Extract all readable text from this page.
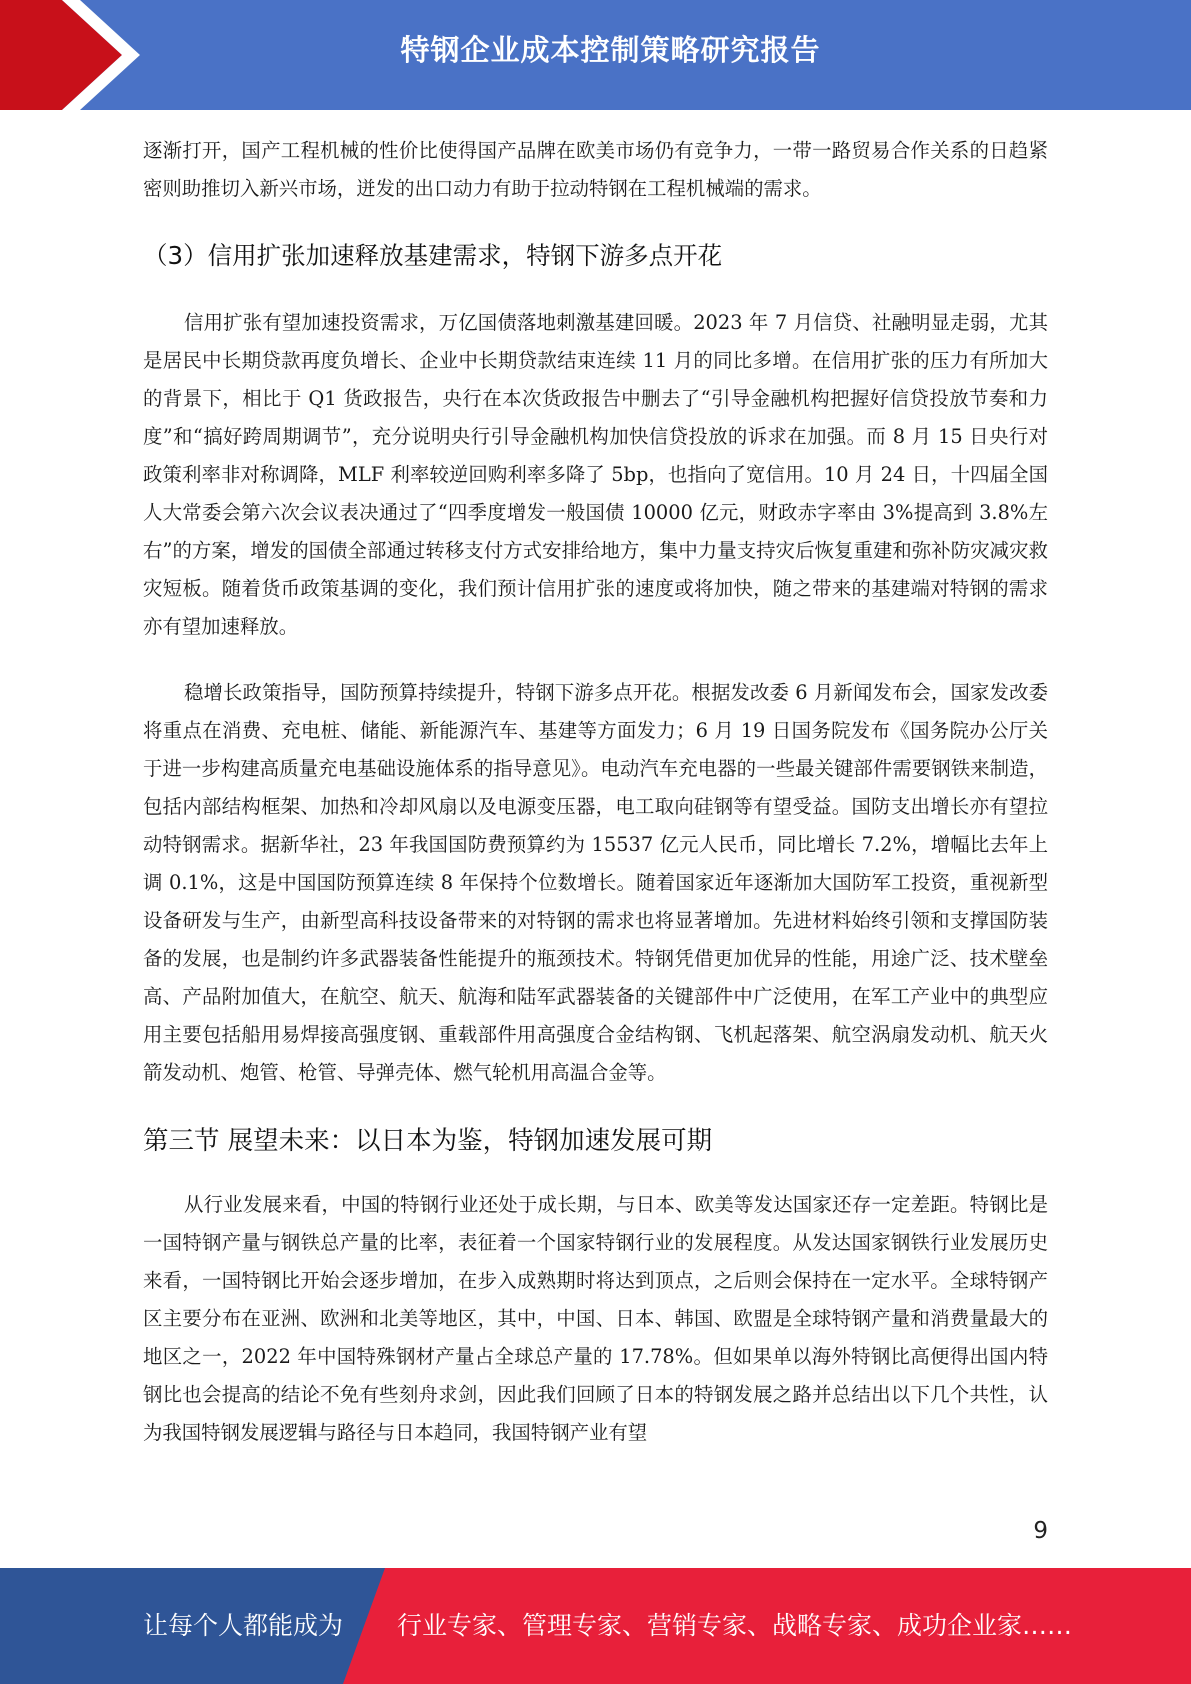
特钢企业成本控制策略研究报告

逐渐打开，国产工程机械的性价比使得国产品牌在欧美市场仍有竞争力，一带一路贸易合作关系的日趋紧密则助推切入新兴市场，迸发的出口动力有助于拉动特钢在工程机械端的需求。

（3）信用扩张加速释放基建需求，特钢下游多点开花

信用扩张有望加速投资需求，万亿国债落地刺激基建回暖。2023 年 7 月信贷、社融明显走弱，尤其是居民中长期贷款再度负增长、企业中长期贷款结束连续 11 月的同比多增。在信用扩张的压力有所加大的背景下，相比于 Q1 货政报告，央行在本次货政报告中删去了“引导金融机构把握好信贷投放节奏和力度”和“搞好跨周期调节”，充分说明央行引导金融机构加快信贷投放的诉求在加强。而 8 月 15 日央行对政策利率非对称调降，MLF 利率较逆回购利率多降了 5bp，也指向了宽信用。10 月 24 日，十四届全国人大常委会第六次会议表决通过了“四季度增发一般国债 10000 亿元，财政赤字率由 3%提高到 3.8%左右”的方案，增发的国债全部通过转移支付方式安排给地方，集中力量支持灾后恢复重建和弥补防灾减灾救灾短板。随着货币政策基调的变化，我们预计信用扩张的速度或将加快，随之带来的基建端对特钢的需求亦有望加速释放。

稳增长政策指导，国防预算持续提升，特钢下游多点开花。根据发改委 6 月新闻发布会，国家发改委将重点在消费、充电桩、储能、新能源汽车、基建等方面发力；6 月 19 日国务院发布《国务院办公厅关于进一步构建高质量充电基础设施体系的指导意见》。电动汽车充电器的一些最关键部件需要钢铁来制造，包括内部结构框架、加热和冷却风扇以及电源变压器，电工取向硅钢等有望受益。国防支出增长亦有望拉动特钢需求。据新华社，23 年我国国防费预算约为 15537 亿元人民币，同比增长 7.2%，增幅比去年上调 0.1%，这是中国国防预算连续 8 年保持个位数增长。随着国家近年逐渐加大国防军工投资，重视新型设备研发与生产，由新型高科技设备带来的对特钢的需求也将显著增加。先进材料始终引领和支撑国防装备的发展，也是制约许多武器装备性能提升的瓶颈技术。特钢凭借更加优异的性能，用途广泛、技术壁垒高、产品附加值大，在航空、航天、航海和陆军武器装备的关键部件中广泛使用，在军工产业中的典型应用主要包括船用易焊接高强度钢、重载部件用高强度合金结构钢、飞机起落架、航空涡扇发动机、航天火箭发动机、炮管、枪管、导弹壳体、燃气轮机用高温合金等。

第三节 展望未来：以日本为鉴，特钢加速发展可期

从行业发展来看，中国的特钢行业还处于成长期，与日本、欧美等发达国家还存一定差距。特钢比是一国特钢产量与钢铁总产量的比率，表征着一个国家特钢行业的发展程度。从发达国家钢铁行业发展历史来看，一国特钢比开始会逐步增加，在步入成熟期时将达到顶点，之后则会保持在一定水平。全球特钢产区主要分布在亚洲、欧洲和北美等地区，其中，中国、日本、韩国、欧盟是全球特钢产量和消费量最大的地区之一，2022 年中国特殊钢材产量占全球总产量的 17.78%。但如果单以海外特钢比高便得出国内特钢比也会提高的结论不免有些刻舟求剑，因此我们回顾了日本的特钢发展之路并总结出以下几个共性，认为我国特钢发展逻辑与路径与日本趋同，我国特钢产业有望

9
让每个人都能成为 行业专家、管理专家、营销专家、战略专家、成功企业家……
